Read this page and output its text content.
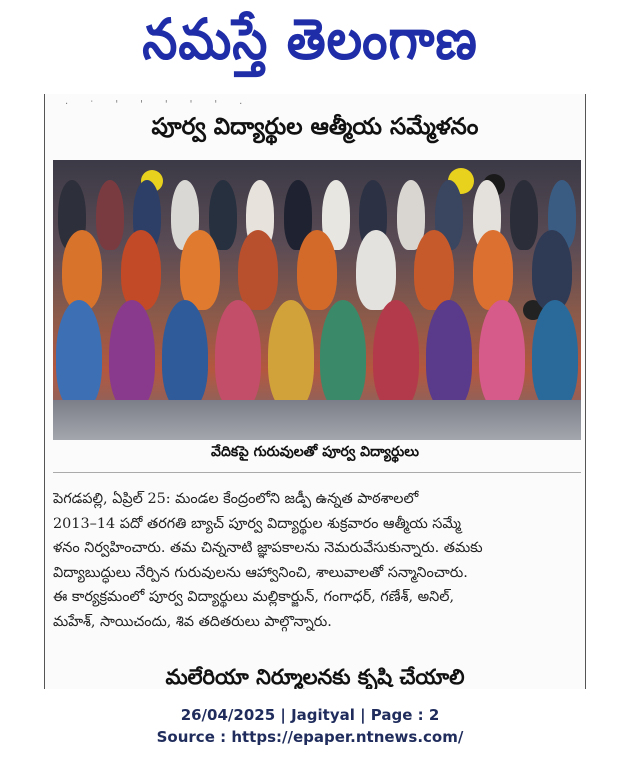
నమస్తే తెలంగాణ
·ॱ'''''·
పూర్వ విద్యార్థుల ఆత్మీయ సమ్మేళనం
వేదికపై గురువులతో పూర్వ విద్యార్థులు
పెగడపల్లి, ఏప్రిల్ 25: మండల కేంద్రంలోని జడ్పీ ఉన్నత పాఠశాలలో
2013–14 పదో తరగతి బ్యాచ్ పూర్వ విద్యార్థుల శుక్రవారం ఆత్మీయ సమ్మే
ళనం నిర్వహించారు. తమ చిన్ననాటి జ్ఞాపకాలను నెమరువేసుకున్నారు. తమకు
విద్యాబుద్ధులు నేర్పిన గురువులను ఆహ్వానించి, శాలువాలతో సన్మానించారు.
ఈ కార్యక్రమంలో పూర్వ విద్యార్థులు మల్లికార్జున్, గంగాధర్, గణేశ్, అనిల్,
మహేశ్, సాయిచందు, శివ తదితరులు పాల్గొన్నారు.
మలేరియా నిర్మూలనకు కృషి చేయాలి
26/04/2025 | Jagityal | Page : 2
Source : https://epaper.ntnews.com/
